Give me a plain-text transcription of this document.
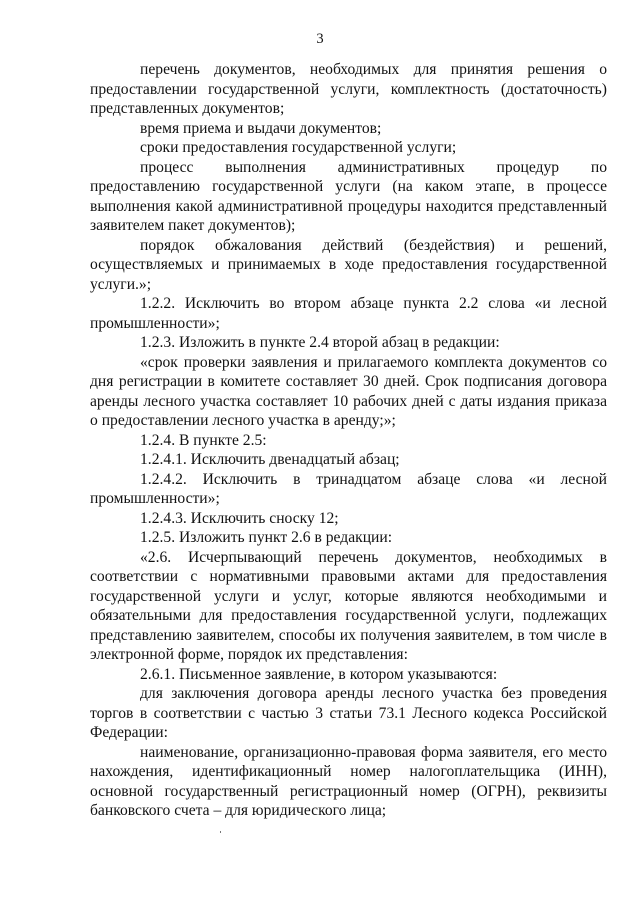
3

перечень документов, необходимых для принятия решения о предоставлении государственной услуги, комплектность (достаточность) представленных документов;

время приема и выдачи документов;

сроки предоставления государственной услуги;

процесс выполнения административных процедур по предоставлению государственной услуги (на каком этапе, в процессе выполнения какой административной процедуры находится представленный заявителем пакет документов);

порядок обжалования действий (бездействия) и решений, осуществляемых и принимаемых в ходе предоставления государственной услуги.»;

1.2.2. Исключить во втором абзаце пункта 2.2 слова «и лесной промышленности»;

1.2.3. Изложить в пункте 2.4 второй абзац в редакции:

«срок проверки заявления и прилагаемого комплекта документов со дня регистрации в комитете составляет 30 дней. Срок подписания договора аренды лесного участка составляет 10 рабочих дней с даты издания приказа о предоставлении лесного участка в аренду;»;

1.2.4. В пункте 2.5:

1.2.4.1. Исключить двенадцатый абзац;

1.2.4.2. Исключить в тринадцатом абзаце слова «и лесной промышленности»;

1.2.4.3. Исключить сноску 12;

1.2.5. Изложить пункт 2.6 в редакции:

«2.6. Исчерпывающий перечень документов, необходимых в соответствии с нормативными правовыми актами для предоставления государственной услуги и услуг, которые являются необходимыми и обязательными для предоставления государственной услуги, подлежащих представлению заявителем, способы их получения заявителем, в том числе в электронной форме, порядок их представления:

2.6.1. Письменное заявление, в котором указываются:

для заключения договора аренды лесного участка без проведения торгов в соответствии с частью 3 статьи 73.1 Лесного кодекса Российской Федерации:

наименование, организационно-правовая форма заявителя, его место нахождения, идентификационный номер налогоплательщика (ИНН), основной государственный регистрационный номер (ОГРН), реквизиты банковского счета – для юридического лица;
